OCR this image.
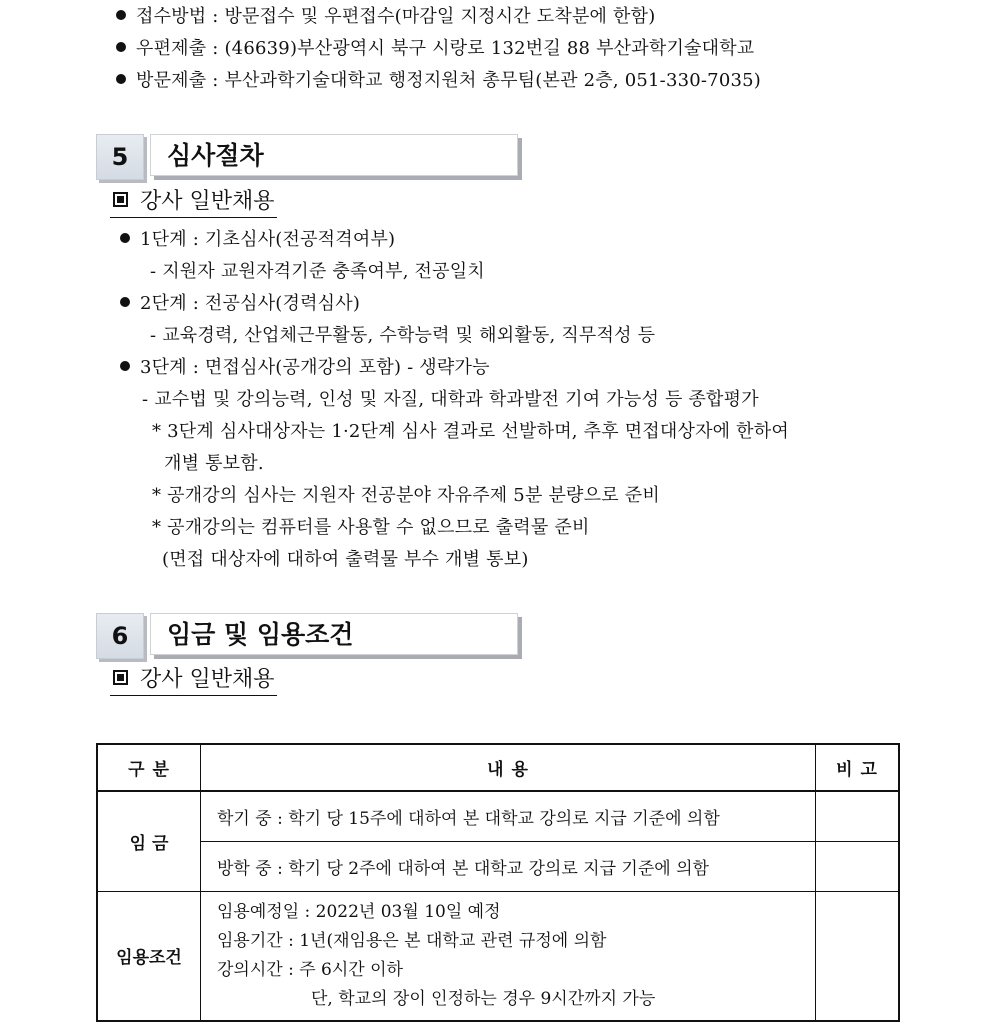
접수방법 : 방문접수 및 우편접수(마감일 지정시간 도착분에 한함)
우편제출 : (46639)부산광역시 북구 시랑로 132번길 88 부산과학기술대학교
방문제출 : 부산과학기술대학교 행정지원처 총무팀(본관 2층, 051-330-7035)
5	심사절차
강사 일반채용
1단계 : 기초심사(전공적격여부)
- 지원자 교원자격기준 충족여부, 전공일치
2단계 : 전공심사(경력심사)
- 교육경력, 산업체근무활동, 수학능력 및 해외활동, 직무적성 등
3단계 : 면접심사(공개강의 포함) - 생략가능
- 교수법 및 강의능력, 인성 및 자질, 대학과 학과발전 기여 가능성 등 종합평가
* 3단계 심사대상자는 1·2단계 심사 결과로 선발하며, 추후 면접대상자에 한하여
개별 통보함.
* 공개강의 심사는 지원자 전공분야 자유주제 5분 분량으로 준비
* 공개강의는 컴퓨터를 사용할 수 없으므로 출력물 준비
(면접 대상자에 대하여 출력물 부수 개별 통보)
6	임금 및 임용조건
강사 일반채용
구 분	내 용	비 고
임 금	학기 중 : 학기 당 15주에 대하여 본 대학교 강의로 지급 기준에 의함	
	방학 중 : 학기 당 2주에 대하여 본 대학교 강의로 지급 기준에 의함	
임용조건	임용예정일 : 2022년 03월 10일 예정
임용기간 : 1년(재임용은 본 대학교 관련 규정에 의함
강의시간 : 주 6시간 이하
단, 학교의 장이 인정하는 경우 9시간까지 가능	
